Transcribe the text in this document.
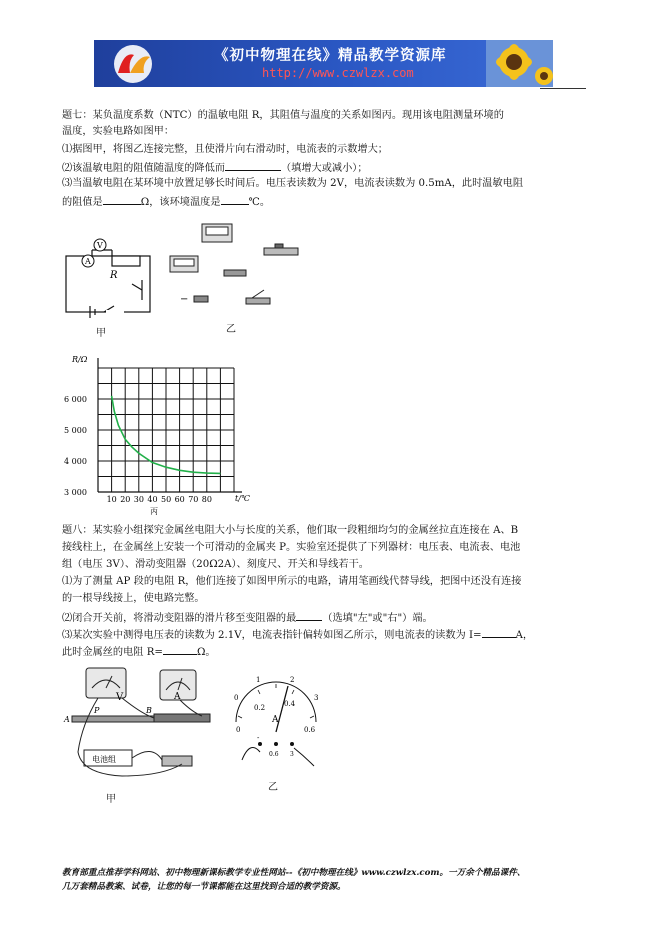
《初中物理在线》精品教学资源库
http://www.czwlzx.com
题七：某负温度系数（NTC）的温敏电阻 R，其阻值与温度的关系如图丙。现用该电阻测量环境的
温度，实验电路如图甲：
⑴据图甲，将图乙连接完整，且使滑片向右滑动时，电流表的示数增大；
⑵该温敏电阻的阻值随温度的降低而	（填增大或减小）；
⑶当温敏电阻在某环境中放置足够长时间后。电压表读数为 2V，电流表读数为 0.5mA，此时温敏电阻
的阻值是	Ω，该环境温度是	℃。
V
A
R
甲
−
乙
10 20 30 40 50 60 70 80
3 000
4 000
5 000
6 000
R/Ω
t/℃
丙
题八：某实验小组探究金属丝电阻大小与长度的关系，他们取一段粗细均匀的金属丝拉直连接在 A、B
接线柱上，在金属丝上安装一个可滑动的金属夹 P。实验室还提供了下列器材：电压表、电流表、电池
组（电压 3V）、滑动变阻器（20Ω2A）、刻度尺、开关和导线若干。
⑴为了测量 AP 段的电阻 R，他们连接了如图甲所示的电路，请用笔画线代替导线，把图中还没有连接
的一根导线接上，使电路完整。
⑵闭合开关前，将滑动变阻器的滑片移至变阻器的最	（选填"左"或"右"）端。
⑶某次实验中测得电压表的读数为 2.1V，电流表指针偏转如图乙所示，则电流表的读数为 I=	A，
此时金属丝的电阻 R=	Ω。
V	A
A
B
P
电池组
甲
0
1	2
3
0
0.2	0.4
0.6
A
-
0.6 3
乙
教育部重点推荐学科网站、初中物理新课标教学专业性网站--《初中物理在线》www.czwlzx.com。一万余个精品课件、
几万套精品教案、试卷，让您的每一节课都能在这里找到合适的教学资源。
